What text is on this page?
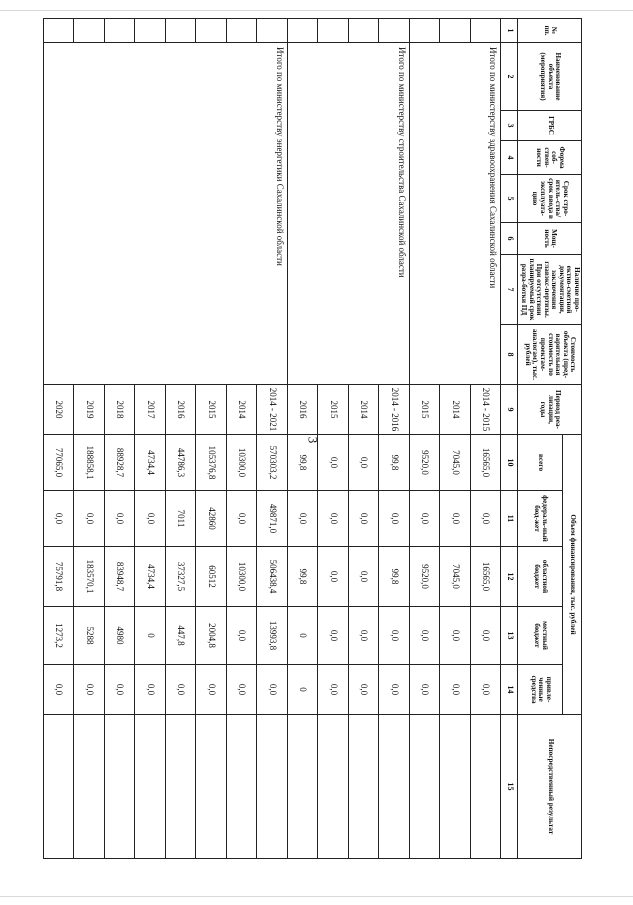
3
№ пп.	Наименование объекта (мероприятия)	ГРБС	Форма соб-ствен-ности	Срок стро-итель-ства/срок ввода в эксплуата-цию	Мощ-ность	Наличие про-ектно-сметной документации, заключения главэкс-пертизы. При отсутствии планируемый срок разра-ботки ПД	Стоимость объекта (пред-варительная стоимость по проектам-аналогам), тыс. рублей	Период реа-лизации, годы	Объем финансирования, тыс. рублей					Непосредственный результат
									всего	федераль-ный бюд-жет	областной бюджет	местный бюджет	привле-ченные средства	
1	2	3	4	5	6	7	8	9	10	11	12	13	14	15
	Итого по министерству здравоохранения Сахалинской области							2014 - 2015	16565,0	0,0	16565,0	0,0	0,0	
								2014	7045,0	0,0	7045,0	0,0	0,0	
								2015	9520,0	0,0	9520,0	0,0	0,0	
	Итого по министерству строительства Сахалинской области							2014 - 2016	99,8	0,0	99,8	0,0	0,0	
								2014	0,0	0,0	0,0	0,0	0,0	
								2015	0,0	0,0	0,0	0,0	0,0	
								2016	99,8	0,0	99,8	0	0	
	Итого по министерству энергетики Сахалинской области							2014 - 2021	570303,2	49871,0	506438,4	13993,8	0,0	
								2014	10300,0	0,0	10300,0	0,0	0,0	
								2015	105376,8	42860	60512	2004,8	0,0	
								2016	44786,3	7011	37327,5	447,8	0,0	
								2017	4734,4	0,0	4734,4	0	0,0	
								2018	88928,7	0,0	83948,7	4980	0,0	
								2019	188858,1	0,0	183570,1	5288	0,0	
								2020	77065,0	0,0	75791,8	1273,2	0,0	
